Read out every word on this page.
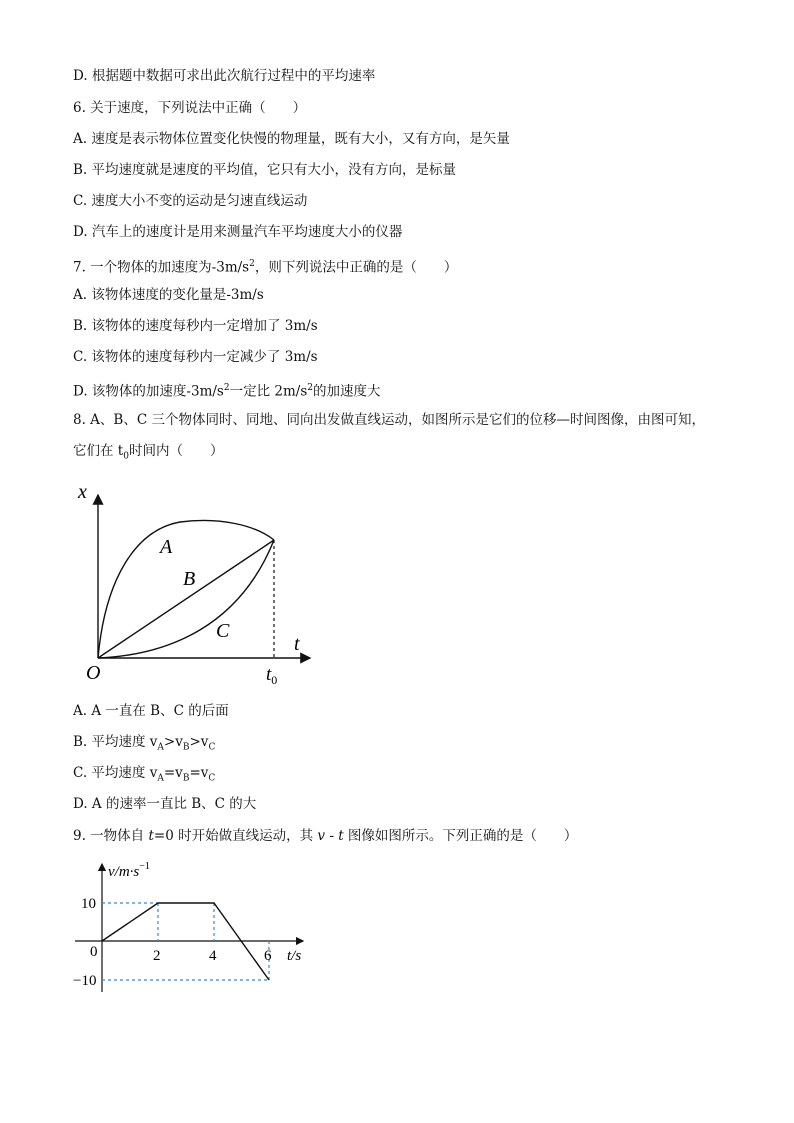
D. 根据题中数据可求出此次航行过程中的平均速率
6. 关于速度，下列说法中正确（　　）
A. 速度是表示物体位置变化快慢的物理量，既有大小，又有方向，是矢量
B. 平均速度就是速度的平均值，它只有大小，没有方向，是标量
C. 速度大小不变的运动是匀速直线运动
D. 汽车上的速度计是用来测量汽车平均速度大小的仪器
7. 一个物体的加速度为$-3m/s^2$，则下列说法中正确的是（　　）
A. 该物体速度的变化量是-3m/s
B. 该物体的速度每秒内一定增加了 3m/s
C. 该物体的速度每秒内一定减少了 3m/s
D. 该物体的加速度$-3m/s^2$一定比 $2m/s^2$的加速度大
8. A、B、C 三个物体同时、同地、同向出发做直线运动，如图所示是它们的位移—时间图像，由图可知，
它们在 $t_0$时间内（　　）
x
t
O	$t_0$
A
B
C
A. A 一直在 B、C 的后面
B. 平均速度 $v_A>v_B>v_C$
C. 平均速度 $v_A=v_B=v_C$
D. A 的速率一直比 B、C 的大
9. 一物体自 t=0 时开始做直线运动，其 v - t 图像如图所示。下列正确的是（　　）
$v/m\cdot s^{-1}$
t/s
10
−10
0	2	4	6
